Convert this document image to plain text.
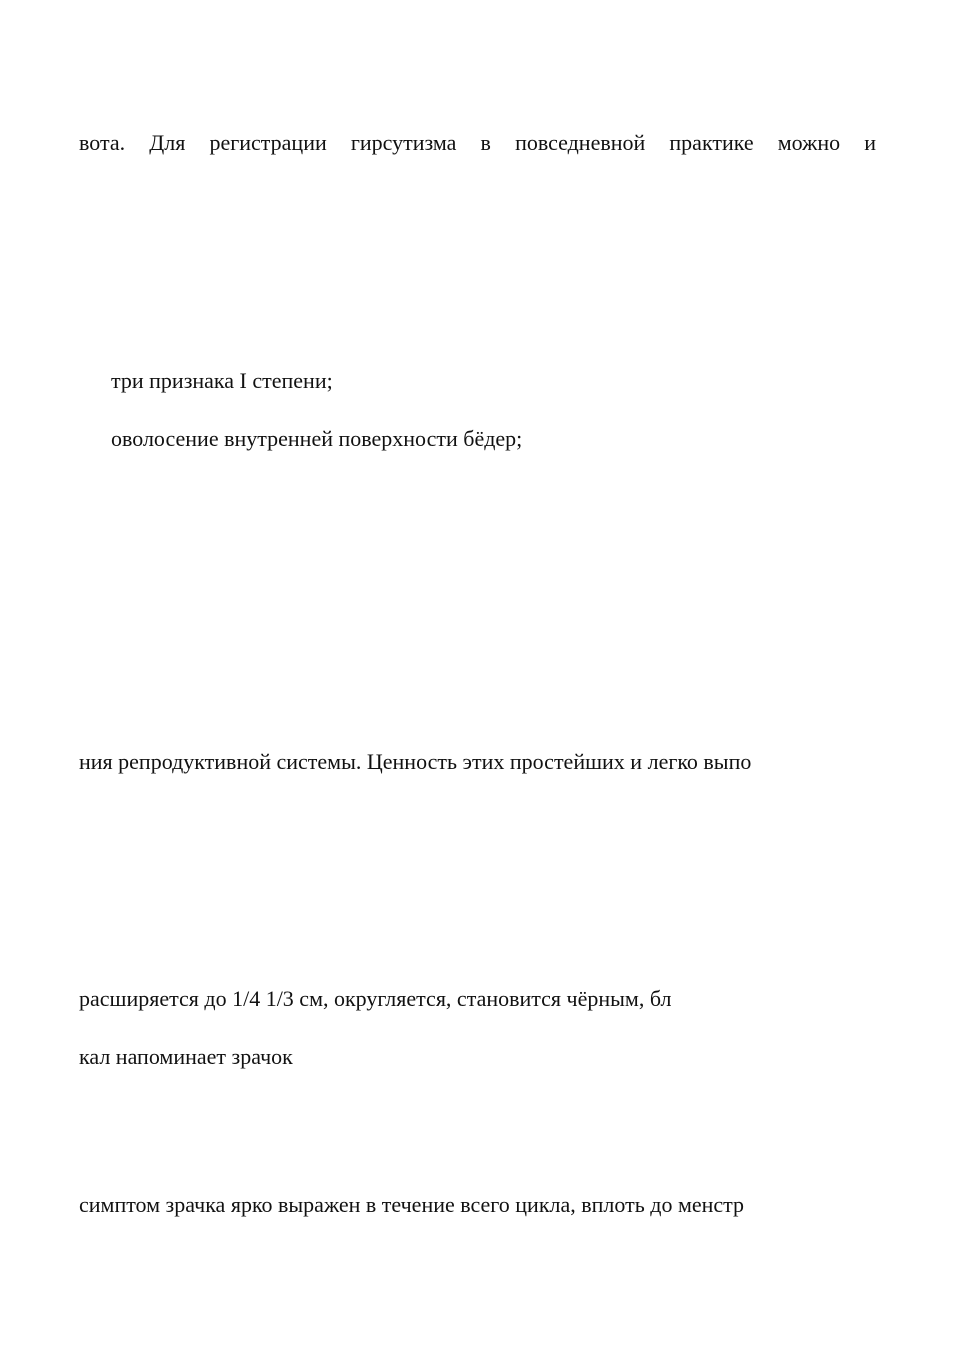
вота. Для регистрации гирсутизма в повседневной практике можно и

три признака I степени;

оволосение внутренней поверхности бёдер;

ния репродуктивной системы. Ценность этих простейших и легко выпо

расширяется до 1/4 1/3 см, округляется, становится чёрным, бл

кал напоминает зрачок

симптом зрачка ярко выражен в течение всего цикла, вплоть до менстр
